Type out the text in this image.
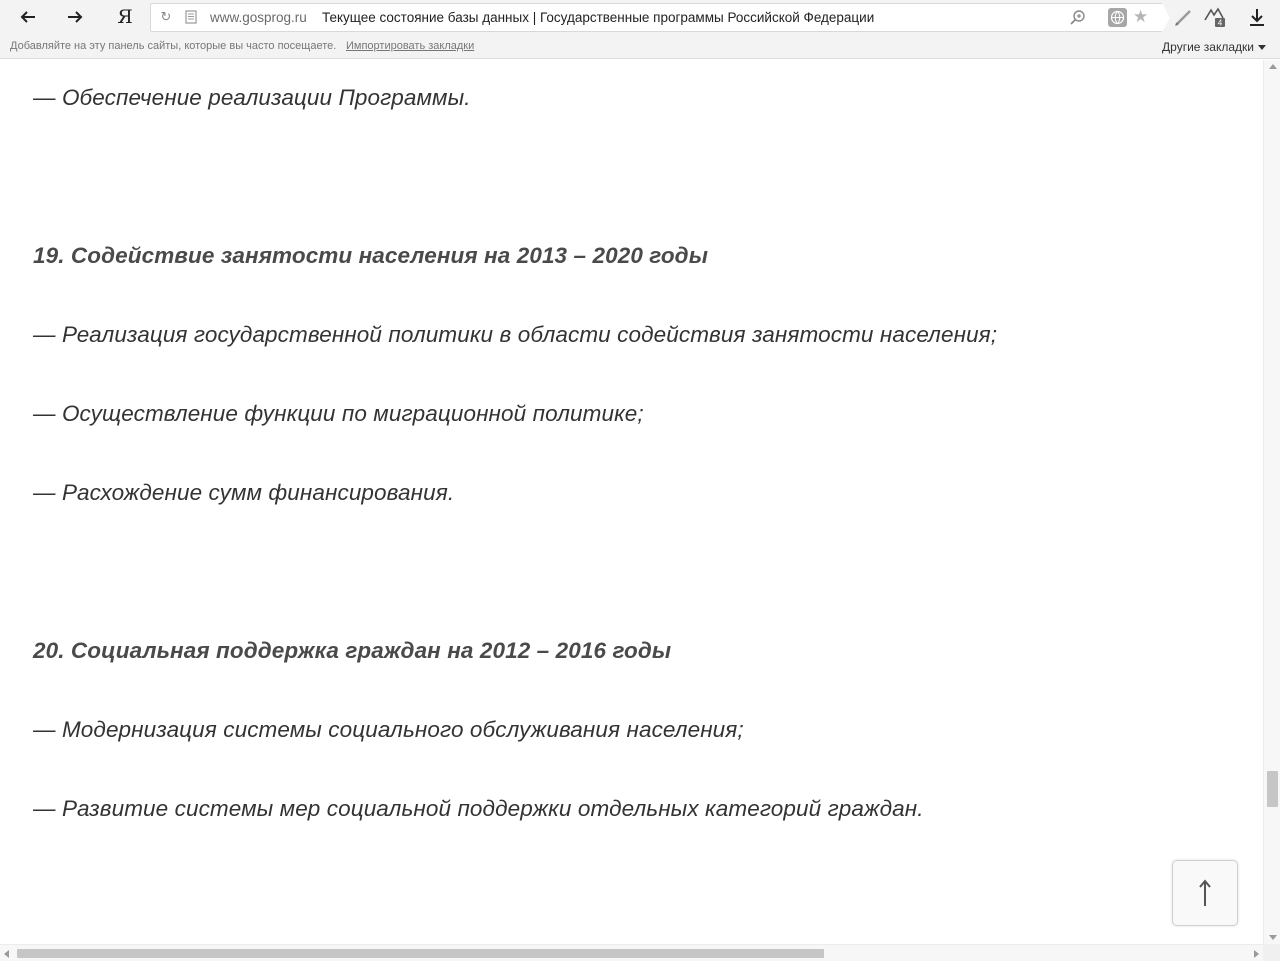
Я ↻	www.gosprog.ru Текущее состояние базы данных | Государственные программы Российской Федерации	★	4
Добавляйте на эту панель сайты, которые вы часто посещаете. Импортировать закладки	Другие закладки
— Обеспечение реализации Программы.
19. Содействие занятости населения на 2013 – 2020 годы
— Реализация государственной политики в области содействия занятости населения;
— Осуществление функции по миграционной политике;
— Расхождение сумм финансирования.
20. Социальная поддержка граждан на 2012 – 2016 годы
— Модернизация системы социального обслуживания населения;
— Развитие системы мер социальной поддержки отдельных категорий граждан.
